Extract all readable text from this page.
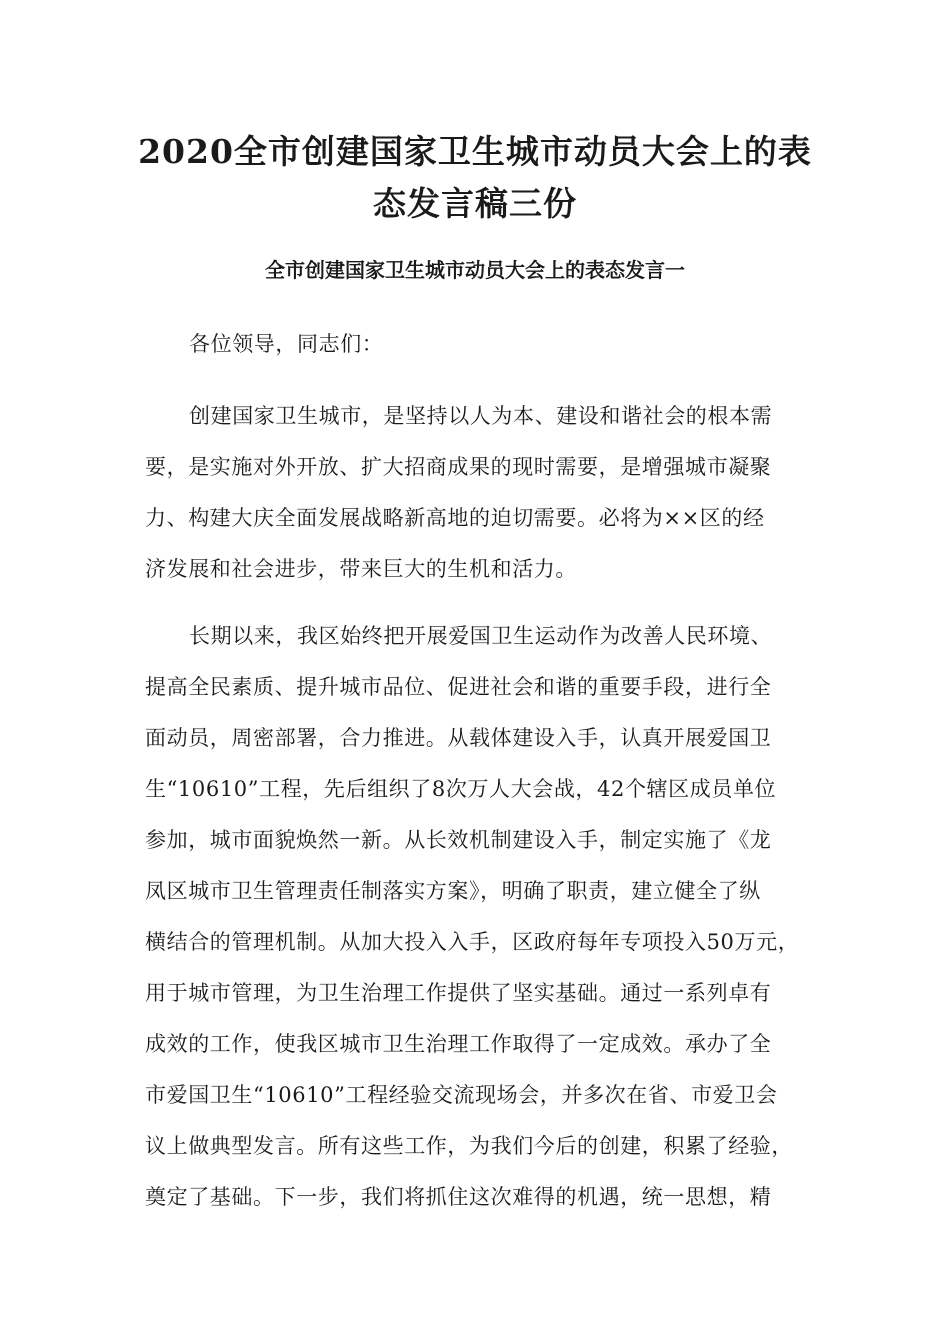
2020全市创建国家卫生城市动员大会上的表
态发言稿三份
全市创建国家卫生城市动员大会上的表态发言一

各位领导，同志们：

创建国家卫生城市，是坚持以人为本、建设和谐社会的根本需
要，是实施对外开放、扩大招商成果的现时需要，是增强城市凝聚
力、构建大庆全面发展战略新高地的迫切需要。必将为××区的经
济发展和社会进步，带来巨大的生机和活力。

长期以来，我区始终把开展爱国卫生运动作为改善人民环境、
提高全民素质、提升城市品位、促进社会和谐的重要手段，进行全
面动员，周密部署，合力推进。从载体建设入手，认真开展爱国卫
生“10610”工程，先后组织了8次万人大会战，42个辖区成员单位
参加，城市面貌焕然一新。从长效机制建设入手，制定实施了《龙
凤区城市卫生管理责任制落实方案》，明确了职责，建立健全了纵
横结合的管理机制。从加大投入入手，区政府每年专项投入50万元，
用于城市管理，为卫生治理工作提供了坚实基础。通过一系列卓有
成效的工作，使我区城市卫生治理工作取得了一定成效。承办了全
市爱国卫生“10610”工程经验交流现场会，并多次在省、市爱卫会
议上做典型发言。所有这些工作，为我们今后的创建，积累了经验，
奠定了基础。下一步，我们将抓住这次难得的机遇，统一思想，精
